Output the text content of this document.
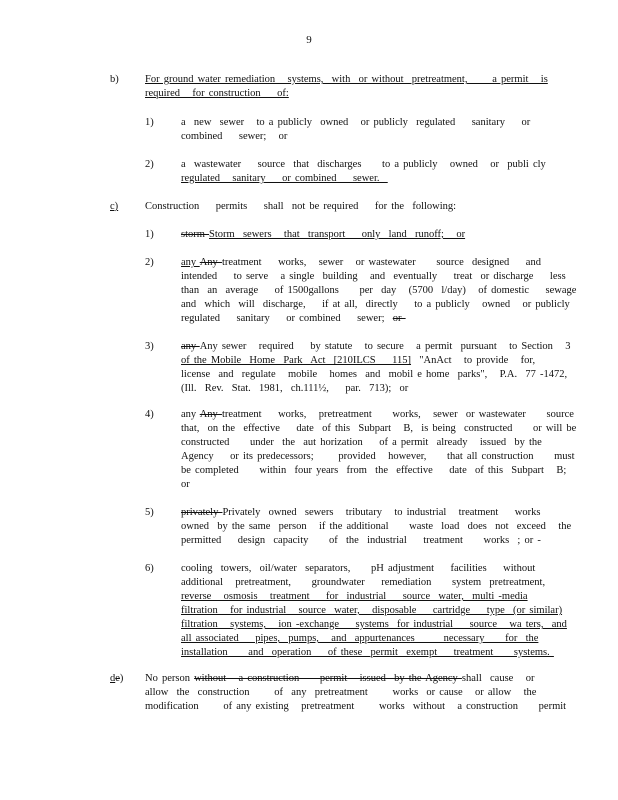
9
b)	For ground water remediation   systems,  with  or without  pretreatment,      a permit   is
required   for construction    of:
1)	a  new  sewer   to a publicly  owned   or publicly  regulated    sanitary    or
combined    sewer;   or
2)	a  wastewater    source  that  discharges     to a publicly   owned   or  publi cly
regulated   sanitary    or combined    sewer.
c)	Construction    permits    shall  not be required    for the  following:
1)	storm Storm  sewers   that  transport    only  land  runoff;   or
2)	any Any treatment    works,   sewer   or wastewater     source  designed    and
intended    to serve   a single  building   and  eventually    treat  or discharge    less
than  an  average    of 1500gallons     per  day   (5700  l/day)   of domestic    sewage
and  which  will  discharge,    if at all,  directly    to a publicly   owned   or publicly
regulated    sanitary    or combined    sewer;  or
3)	any Any sewer   required    by statute   to secure   a permit  pursuant   to Section   3
of the Mobile  Home  Park  Act  [210ILCS    115]  "AnAct   to provide   for,
license  and  regulate   mobile   homes  and  mobil e home  parks",   P.A.  77 -1472,
(Ill.  Rev.  Stat.  1981,  ch.111½,    par.  713);  or
4)	any Any treatment    works,   pretreatment     works,   sewer  or wastewater     source
that,  on the  effective    date  of this  Subpart   B,  is being  constructed     or will be
constructed     under  the  aut horization    of a permit  already   issued  by the
Agency    or its predecessors;      provided   however,     that all construction     must
be completed     within  four years  from  the  effective    date  of this  Subpart   B;
or
5)	privately Privately  owned  sewers   tributary   to industrial   treatment    works
owned  by the same  person   if the additional     waste  load  does  not  exceed   the
permitted    design  capacity     of  the  industrial    treatment     works  ; or -
6)	cooling  towers,  oil/water  separators,     pH adjustment    facilities    without
additional   pretreatment,     groundwater    remediation     system  pretreatment,
reverse   osmosis   treatment    for  industrial    source  water,  multi -media
filtration   for industrial   source  water,   disposable    cartridge    type  (or similar)
filtration   systems,   ion -exchange    systems  for industrial    source   wa ters,  and
all associated    pipes,  pumps,   and  appurtenances       necessary     for  the
installation     and  operation    of these  permit  exempt    treatment     systems.
de) No person without   a construction     permit   issued  by the Agency shall  cause   or
allow  the  construction      of  any  pretreatment      works  or cause   or allow   the
modification      of any existing   pretreatment      works  without   a construction     permit
